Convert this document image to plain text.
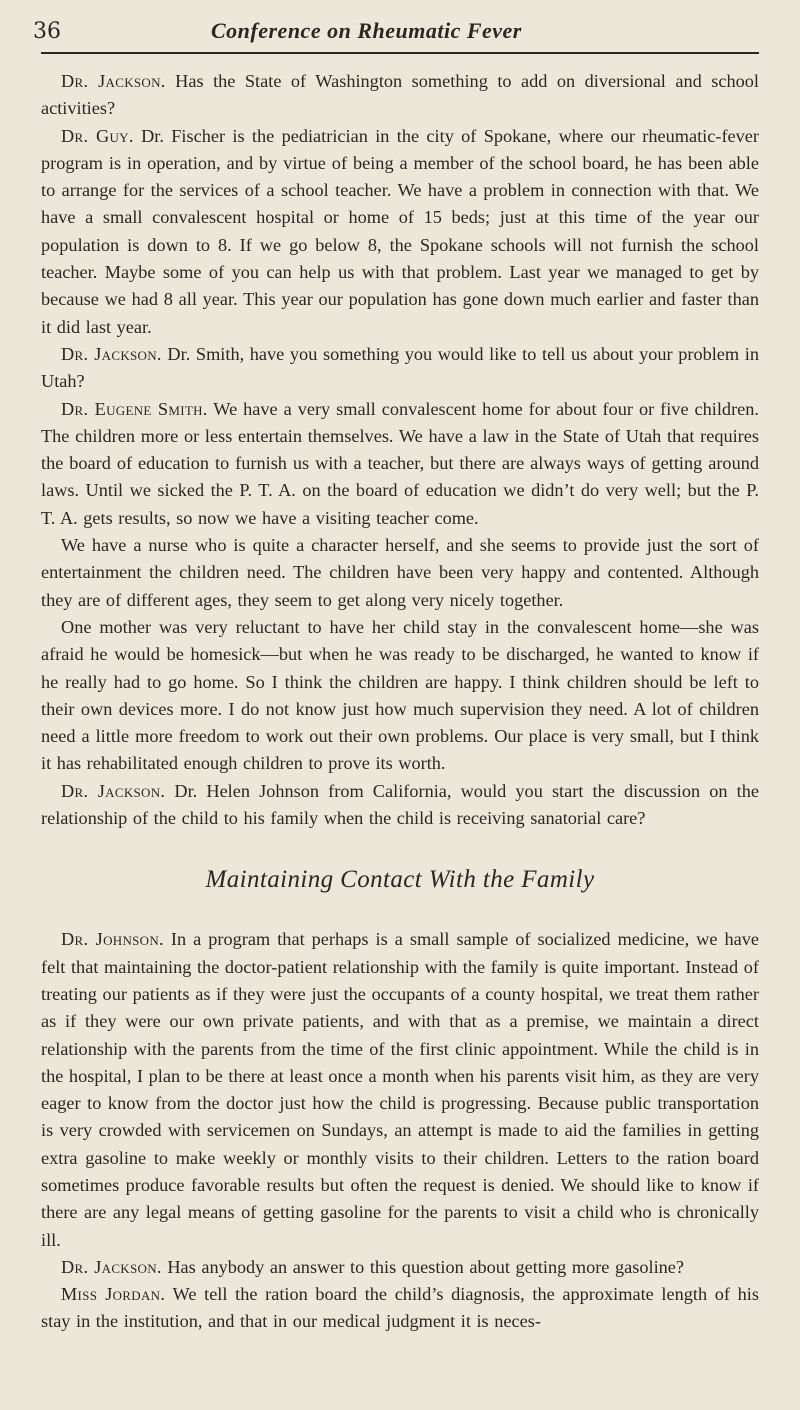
36	Conference on Rheumatic Fever

Dr. Jackson. Has the State of Washington something to add on diversional and school activities?

Dr. Guy. Dr. Fischer is the pediatrician in the city of Spokane, where our rheumatic-fever program is in operation, and by virtue of being a member of the school board, he has been able to arrange for the services of a school teacher. We have a problem in connection with that. We have a small convalescent hospital or home of 15 beds; just at this time of the year our population is down to 8. If we go below 8, the Spokane schools will not furnish the school teacher. Maybe some of you can help us with that problem. Last year we managed to get by because we had 8 all year. This year our population has gone down much earlier and faster than it did last year.

Dr. Jackson. Dr. Smith, have you something you would like to tell us about your problem in Utah?

Dr. Eugene Smith. We have a very small convalescent home for about four or five children. The children more or less entertain themselves. We have a law in the State of Utah that requires the board of education to furnish us with a teacher, but there are always ways of getting around laws. Until we sicked the P. T. A. on the board of education we didn’t do very well; but the P. T. A. gets results, so now we have a visiting teacher come.

We have a nurse who is quite a character herself, and she seems to provide just the sort of entertainment the children need. The children have been very happy and contented. Although they are of different ages, they seem to get along very nicely together.

One mother was very reluctant to have her child stay in the convalescent home—she was afraid he would be homesick—but when he was ready to be discharged, he wanted to know if he really had to go home. So I think the children are happy. I think children should be left to their own devices more. I do not know just how much supervision they need. A lot of children need a little more freedom to work out their own problems. Our place is very small, but I think it has rehabilitated enough children to prove its worth.

Dr. Jackson. Dr. Helen Johnson from California, would you start the discussion on the relationship of the child to his family when the child is receiving sanatorial care?

Maintaining Contact With the Family

Dr. Johnson. In a program that perhaps is a small sample of socialized medicine, we have felt that maintaining the doctor-patient relationship with the family is quite important. Instead of treating our patients as if they were just the occupants of a county hospital, we treat them rather as if they were our own private patients, and with that as a premise, we maintain a direct relationship with the parents from the time of the first clinic appointment. While the child is in the hospital, I plan to be there at least once a month when his parents visit him, as they are very eager to know from the doctor just how the child is progressing. Because public transportation is very crowded with servicemen on Sundays, an attempt is made to aid the families in getting extra gasoline to make weekly or monthly visits to their children. Letters to the ration board sometimes produce favorable results but often the request is denied. We should like to know if there are any legal means of getting gasoline for the parents to visit a child who is chronically ill.

Dr. Jackson. Has anybody an answer to this question about getting more gasoline?

Miss Jordan. We tell the ration board the child’s diagnosis, the approximate length of his stay in the institution, and that in our medical judgment it is neces-
